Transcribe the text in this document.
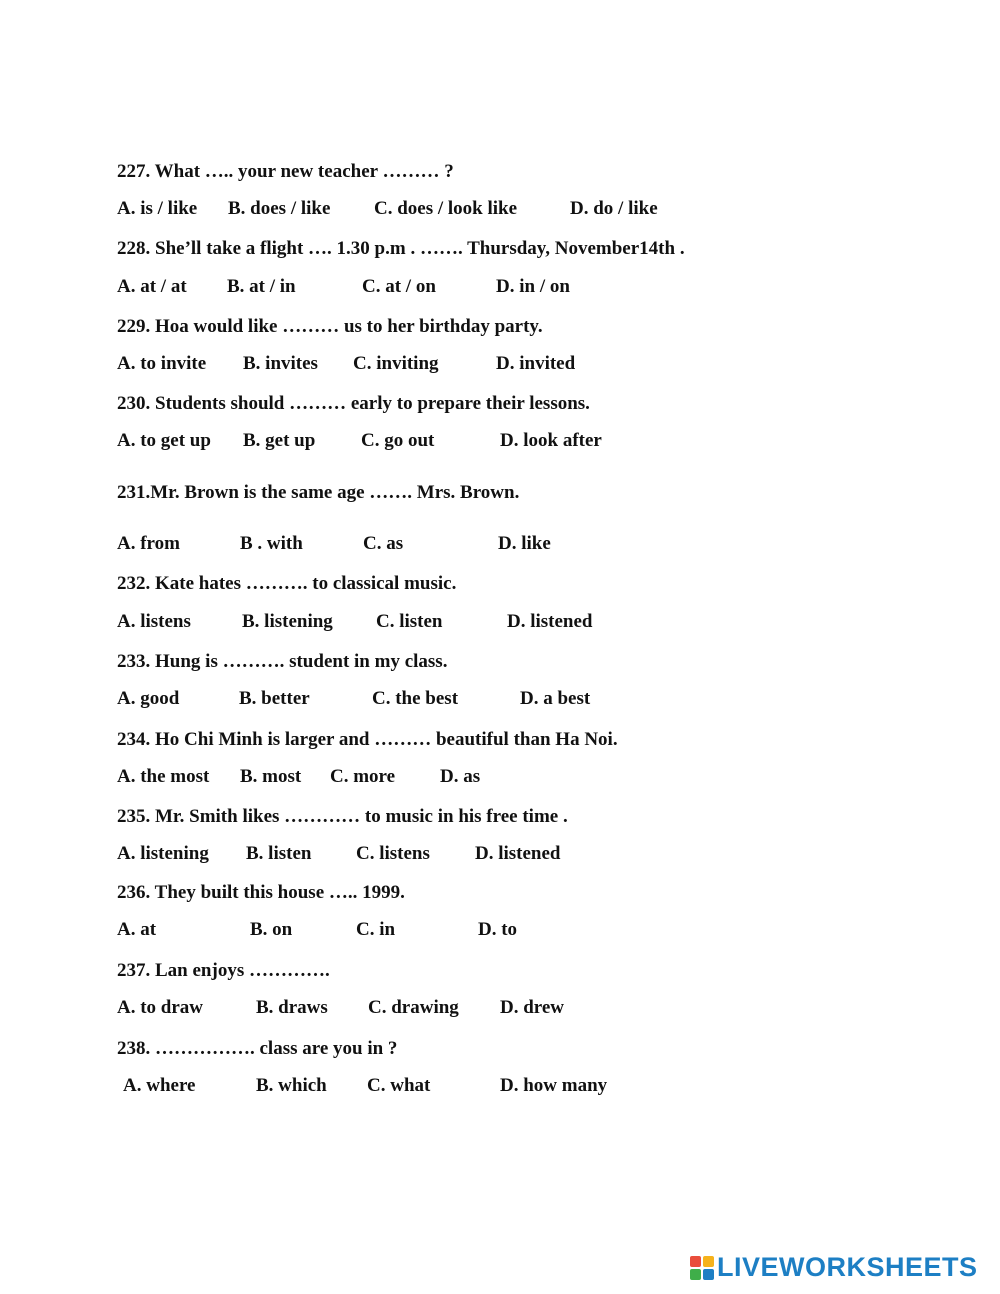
227. What ….. your new teacher ……… ?

A. is / like

B. does / like

C. does / look like

	D. do / like

228. She’ll take a flight …. 1.30 p.m . ……. Thursday, November14th .

A. at / at

B. at / in

	C. at / on

	D. in / on

229. Hoa would like ……… us to her birthday party.

A. to invite

B. invites

C. inviting

	D. invited

230. Students should ……… early to prepare their lessons.

A. to get up

B. get up

C. go out

	D. look after

231.Mr. Brown is the same age ……. Mrs. Brown.

A. from

	B . with

	C. as

	D. like

232. Kate hates ………. to classical music.

A. listens

	B. listening

C. listen

	D. listened

233. Hung is ………. student in my class.

A. good

	B. better

	C. the best

	D. a best

234. Ho Chi Minh is larger and ……… beautiful than Ha Noi.

A. the most

B. most

C. more

D. as

235. Mr. Smith likes ………… to music in his free time .

A. listening

B. listen

C. listens

D. listened

236. They built this house ….. 1999.

A. at

	B. on

	C. in

	D. to

237. Lan enjoys ………….

A. to draw

	B. draws

C. drawing

D. drew

238. ……………. class are you in ?

A. where

	B. which

C. what

	D. how many

LIVEWORKSHEETS
